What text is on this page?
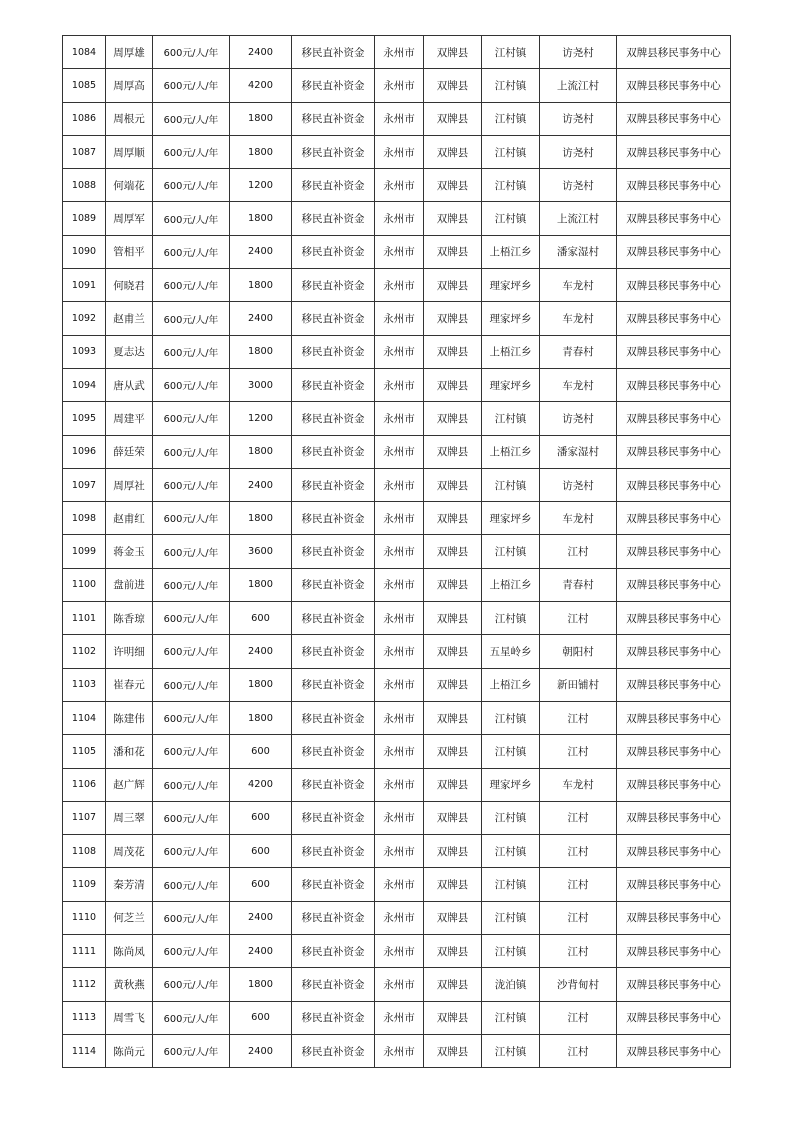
1084	周厚雄	600元/人/年	2400	移民直补资金	永州市	双牌县	江村镇	访尧村	双牌县移民事务中心
1085	周厚高	600元/人/年	4200	移民直补资金	永州市	双牌县	江村镇	上流江村	双牌县移民事务中心
1086	周根元	600元/人/年	1800	移民直补资金	永州市	双牌县	江村镇	访尧村	双牌县移民事务中心
1087	周厚顺	600元/人/年	1800	移民直补资金	永州市	双牌县	江村镇	访尧村	双牌县移民事务中心
1088	何端花	600元/人/年	1200	移民直补资金	永州市	双牌县	江村镇	访尧村	双牌县移民事务中心
1089	周厚军	600元/人/年	1800	移民直补资金	永州市	双牌县	江村镇	上流江村	双牌县移民事务中心
1090	管相平	600元/人/年	2400	移民直补资金	永州市	双牌县	上梧江乡	潘家湿村	双牌县移民事务中心
1091	何晓君	600元/人/年	1800	移民直补资金	永州市	双牌县	理家坪乡	车龙村	双牌县移民事务中心
1092	赵甫兰	600元/人/年	2400	移民直补资金	永州市	双牌县	理家坪乡	车龙村	双牌县移民事务中心
1093	夏志达	600元/人/年	1800	移民直补资金	永州市	双牌县	上梧江乡	青春村	双牌县移民事务中心
1094	唐从武	600元/人/年	3000	移民直补资金	永州市	双牌县	理家坪乡	车龙村	双牌县移民事务中心
1095	周建平	600元/人/年	1200	移民直补资金	永州市	双牌县	江村镇	访尧村	双牌县移民事务中心
1096	薛廷荣	600元/人/年	1800	移民直补资金	永州市	双牌县	上梧江乡	潘家湿村	双牌县移民事务中心
1097	周厚社	600元/人/年	2400	移民直补资金	永州市	双牌县	江村镇	访尧村	双牌县移民事务中心
1098	赵甫红	600元/人/年	1800	移民直补资金	永州市	双牌县	理家坪乡	车龙村	双牌县移民事务中心
1099	蒋金玉	600元/人/年	3600	移民直补资金	永州市	双牌县	江村镇	江村	双牌县移民事务中心
1100	盘前进	600元/人/年	1800	移民直补资金	永州市	双牌县	上梧江乡	青春村	双牌县移民事务中心
1101	陈香琼	600元/人/年	600	移民直补资金	永州市	双牌县	江村镇	江村	双牌县移民事务中心
1102	许明细	600元/人/年	2400	移民直补资金	永州市	双牌县	五星岭乡	朝阳村	双牌县移民事务中心
1103	崔春元	600元/人/年	1800	移民直补资金	永州市	双牌县	上梧江乡	新田铺村	双牌县移民事务中心
1104	陈建伟	600元/人/年	1800	移民直补资金	永州市	双牌县	江村镇	江村	双牌县移民事务中心
1105	潘和花	600元/人/年	600	移民直补资金	永州市	双牌县	江村镇	江村	双牌县移民事务中心
1106	赵广辉	600元/人/年	4200	移民直补资金	永州市	双牌县	理家坪乡	车龙村	双牌县移民事务中心
1107	周三翠	600元/人/年	600	移民直补资金	永州市	双牌县	江村镇	江村	双牌县移民事务中心
1108	周茂花	600元/人/年	600	移民直补资金	永州市	双牌县	江村镇	江村	双牌县移民事务中心
1109	秦芳清	600元/人/年	600	移民直补资金	永州市	双牌县	江村镇	江村	双牌县移民事务中心
1110	何芝兰	600元/人/年	2400	移民直补资金	永州市	双牌县	江村镇	江村	双牌县移民事务中心
1111	陈尚凤	600元/人/年	2400	移民直补资金	永州市	双牌县	江村镇	江村	双牌县移民事务中心
1112	黄秋燕	600元/人/年	1800	移民直补资金	永州市	双牌县	泷泊镇	沙背甸村	双牌县移民事务中心
1113	周雪飞	600元/人/年	600	移民直补资金	永州市	双牌县	江村镇	江村	双牌县移民事务中心
1114	陈尚元	600元/人/年	2400	移民直补资金	永州市	双牌县	江村镇	江村	双牌县移民事务中心
